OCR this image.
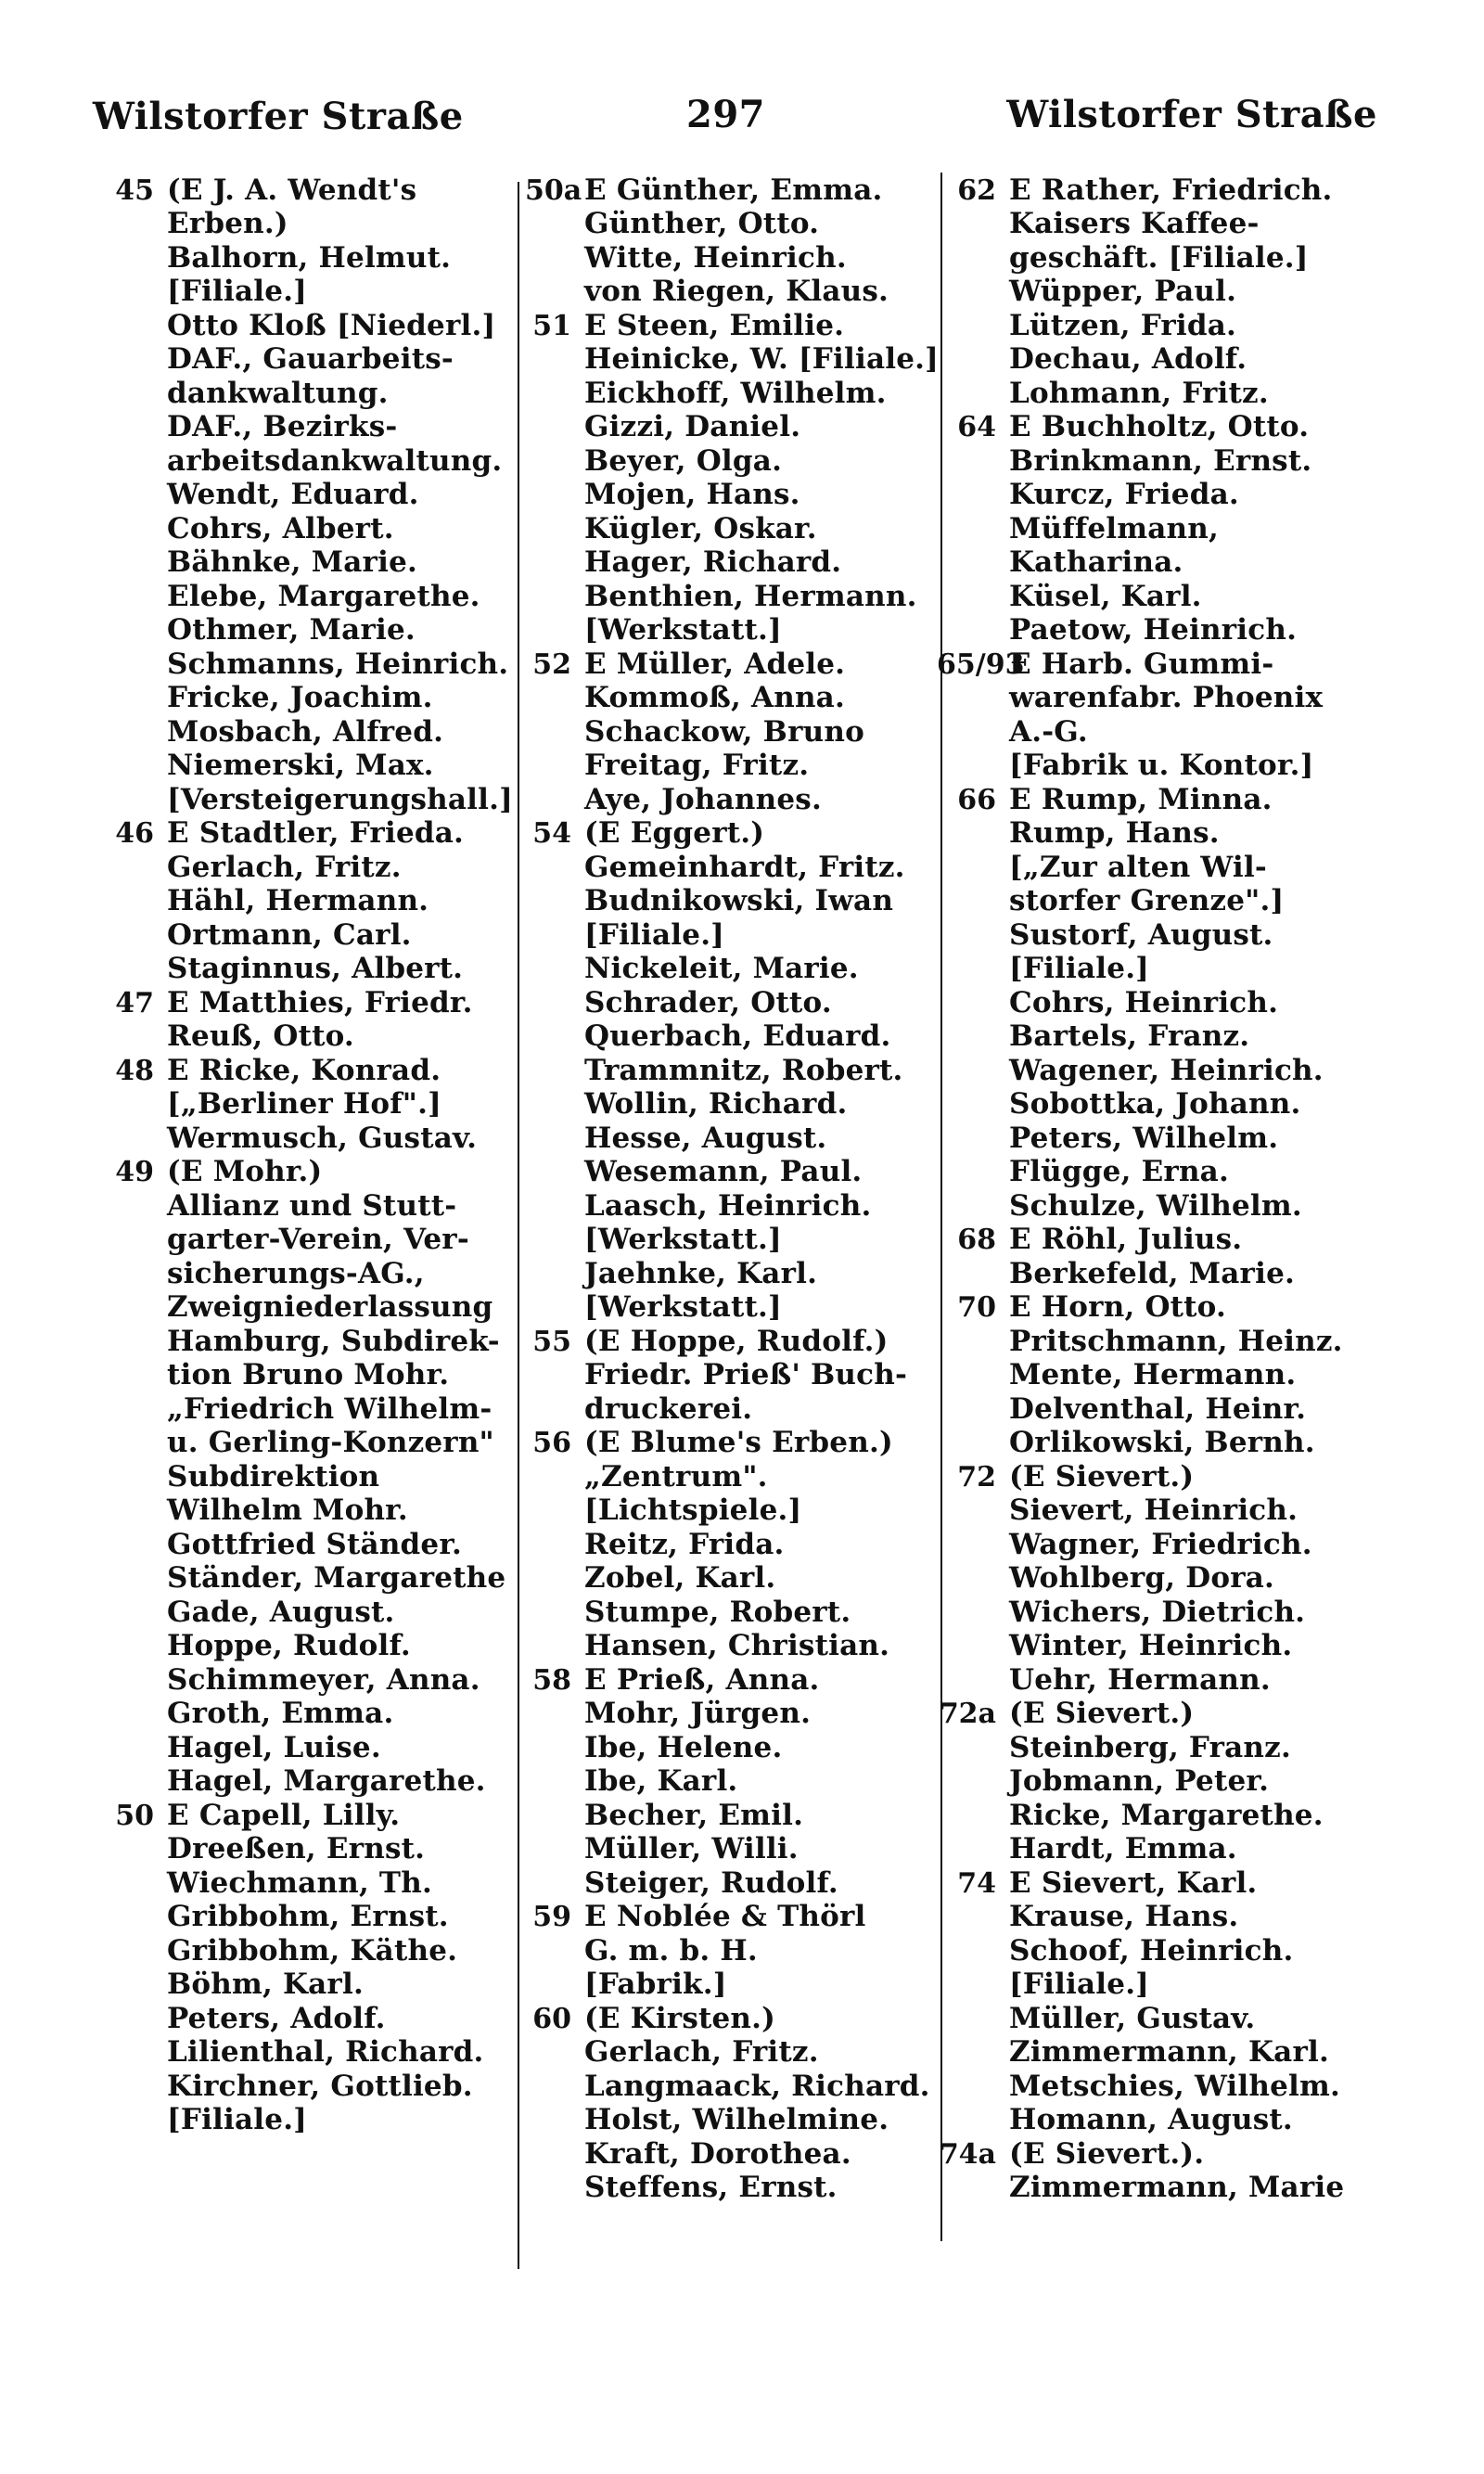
Wilstorfer Straße	297	Wilstorfer Straße
45 (E J. A. Wendt's
Erben.)
Balhorn, Helmut.
[Filiale.]
Otto Kloß [Niederl.]
DAF., Gauarbeits-
dankwaltung.
DAF., Bezirks-
arbeitsdankwaltung.
Wendt, Eduard.
Cohrs, Albert.
Bähnke, Marie.
Elebe, Margarethe.
Othmer, Marie.
Schmanns, Heinrich.
Fricke, Joachim.
Mosbach, Alfred.
Niemerski, Max.
[Versteigerungshall.]
46 E Stadtler, Frieda.
Gerlach, Fritz.
Hähl, Hermann.
Ortmann, Carl.
Staginnus, Albert.
47 E Matthies, Friedr.
Reuß, Otto.
48 E Ricke, Konrad.
[„Berliner Hof".]
Wermusch, Gustav.
49 (E Mohr.)
Allianz und Stutt-
garter-Verein, Ver-
sicherungs-AG.,
Zweigniederlassung
Hamburg, Subdirek-
tion Bruno Mohr.
„Friedrich Wilhelm-
u. Gerling-Konzern"
Subdirektion
Wilhelm Mohr.
Gottfried Ständer.
Ständer, Margarethe
Gade, August.
Hoppe, Rudolf.
Schimmeyer, Anna.
Groth, Emma.
Hagel, Luise.
Hagel, Margarethe.
50 E Capell, Lilly.
Dreeßen, Ernst.
Wiechmann, Th.
Gribbohm, Ernst.
Gribbohm, Käthe.
Böhm, Karl.
Peters, Adolf.
Lilienthal, Richard.
Kirchner, Gottlieb.
[Filiale.]
50a E Günther, Emma.
Günther, Otto.
Witte, Heinrich.
von Riegen, Klaus.
51 E Steen, Emilie.
Heinicke, W. [Filiale.]
Eickhoff, Wilhelm.
Gizzi, Daniel.
Beyer, Olga.
Mojen, Hans.
Kügler, Oskar.
Hager, Richard.
Benthien, Hermann.
[Werkstatt.]
52 E Müller, Adele.
Kommoß, Anna.
Schackow, Bruno
Freitag, Fritz.
Aye, Johannes.
54 (E Eggert.)
Gemeinhardt, Fritz.
Budnikowski, Iwan
[Filiale.]
Nickeleit, Marie.
Schrader, Otto.
Querbach, Eduard.
Trammnitz, Robert.
Wollin, Richard.
Hesse, August.
Wesemann, Paul.
Laasch, Heinrich.
[Werkstatt.]
Jaehnke, Karl.
[Werkstatt.]
55 (E Hoppe, Rudolf.)
Friedr. Prieß' Buch-
druckerei.
56 (E Blume's Erben.)
„Zentrum".
[Lichtspiele.]
Reitz, Frida.
Zobel, Karl.
Stumpe, Robert.
Hansen, Christian.
58 E Prieß, Anna.
Mohr, Jürgen.
Ibe, Helene.
Ibe, Karl.
Becher, Emil.
Müller, Willi.
Steiger, Rudolf.
59 E Noblée & Thörl
G. m. b. H.
[Fabrik.]
60 (E Kirsten.)
Gerlach, Fritz.
Langmaack, Richard.
Holst, Wilhelmine.
Kraft, Dorothea.
Steffens, Ernst.
62 E Rather, Friedrich.
Kaisers Kaffee-
geschäft. [Filiale.]
Wüpper, Paul.
Lützen, Frida.
Dechau, Adolf.
Lohmann, Fritz.
64 E Buchholtz, Otto.
Brinkmann, Ernst.
Kurcz, Frieda.
Müffelmann,
Katharina.
Küsel, Karl.
Paetow, Heinrich.
65/93
E Harb. Gummi-
warenfabr. Phoenix
A.-G.
[Fabrik u. Kontor.]
66 E Rump, Minna.
Rump, Hans.
[„Zur alten Wil-
storfer Grenze".]
Sustorf, August.
[Filiale.]
Cohrs, Heinrich.
Bartels, Franz.
Wagener, Heinrich.
Sobottka, Johann.
Peters, Wilhelm.
Flügge, Erna.
Schulze, Wilhelm.
68 E Röhl, Julius.
Berkefeld, Marie.
70 E Horn, Otto.
Pritschmann, Heinz.
Mente, Hermann.
Delventhal, Heinr.
Orlikowski, Bernh.
72 (E Sievert.)
Sievert, Heinrich.
Wagner, Friedrich.
Wohlberg, Dora.
Wichers, Dietrich.
Winter, Heinrich.
Uehr, Hermann.
72a (E Sievert.)
Steinberg, Franz.
Jobmann, Peter.
Ricke, Margarethe.
Hardt, Emma.
74 E Sievert, Karl.
Krause, Hans.
Schoof, Heinrich.
[Filiale.]
Müller, Gustav.
Zimmermann, Karl.
Metschies, Wilhelm.
Homann, August.
74a (E Sievert.).
Zimmermann, Marie
